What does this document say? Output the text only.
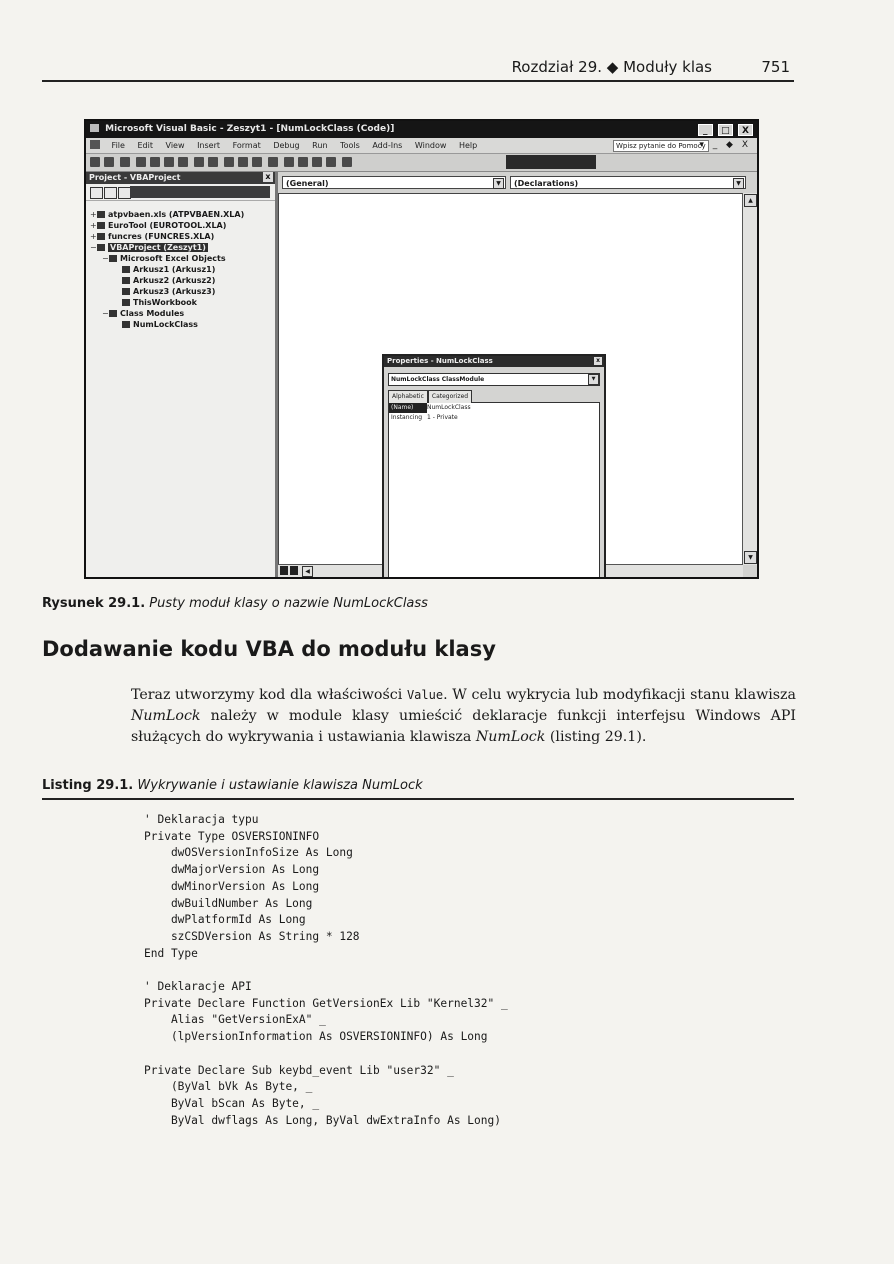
Rozdział 29. ◆ Moduły klas	751
Microsoft Visual Basic - Zeszyt1 - [NumLockClass (Code)]	_ □ X
File Edit View Insert Format Debug Run Tools Add-Ins Window Help	Wpisz pytanie do Pomocy
▾ _ ◆ X
Project - VBAProject	x
+ atpvbaen.xls (ATPVBAEN.XLA)
+ EuroTool (EUROTOOL.XLA)
+ funcres (FUNCRES.XLA)
− VBAProject (Zeszyt1)
− Microsoft Excel Objects
Arkusz1 (Arkusz1)
Arkusz2 (Arkusz2)
Arkusz3 (Arkusz3)
ThisWorkbook
− Class Modules
NumLockClass
(General)	▼	(Declarations)	▼
▲
▼
◀
Properties - NumLockClass	x
NumLockClass ClassModule	▼
Alphabetic Categorized
(Name) NumLockClass
Instancing 1 - Private
Rysunek 29.1. Pusty moduł klasy o nazwie NumLockClass
Dodawanie kodu VBA do modułu klasy
Teraz utworzymy kod dla właściwości Value. W celu wykrycia lub modyfikacji stanu klawisza NumLock należy w module klasy umieścić deklaracje funkcji interfejsu Windows API służących do wykrywania i ustawiania klawisza NumLock (listing 29.1).
Listing 29.1. Wykrywanie i ustawianie klawisza NumLock
' Deklaracja typu
Private Type OSVERSIONINFO
dwOSVersionInfoSize As Long
dwMajorVersion As Long
dwMinorVersion As Long
dwBuildNumber As Long
dwPlatformId As Long
szCSDVersion As String * 128
End Type

' Deklaracje API
Private Declare Function GetVersionEx Lib "Kernel32" _
Alias "GetVersionExA" _
(lpVersionInformation As OSVERSIONINFO) As Long

Private Declare Sub keybd_event Lib "user32" _
(ByVal bVk As Byte, _
ByVal bScan As Byte, _
ByVal dwflags As Long, ByVal dwExtraInfo As Long)
